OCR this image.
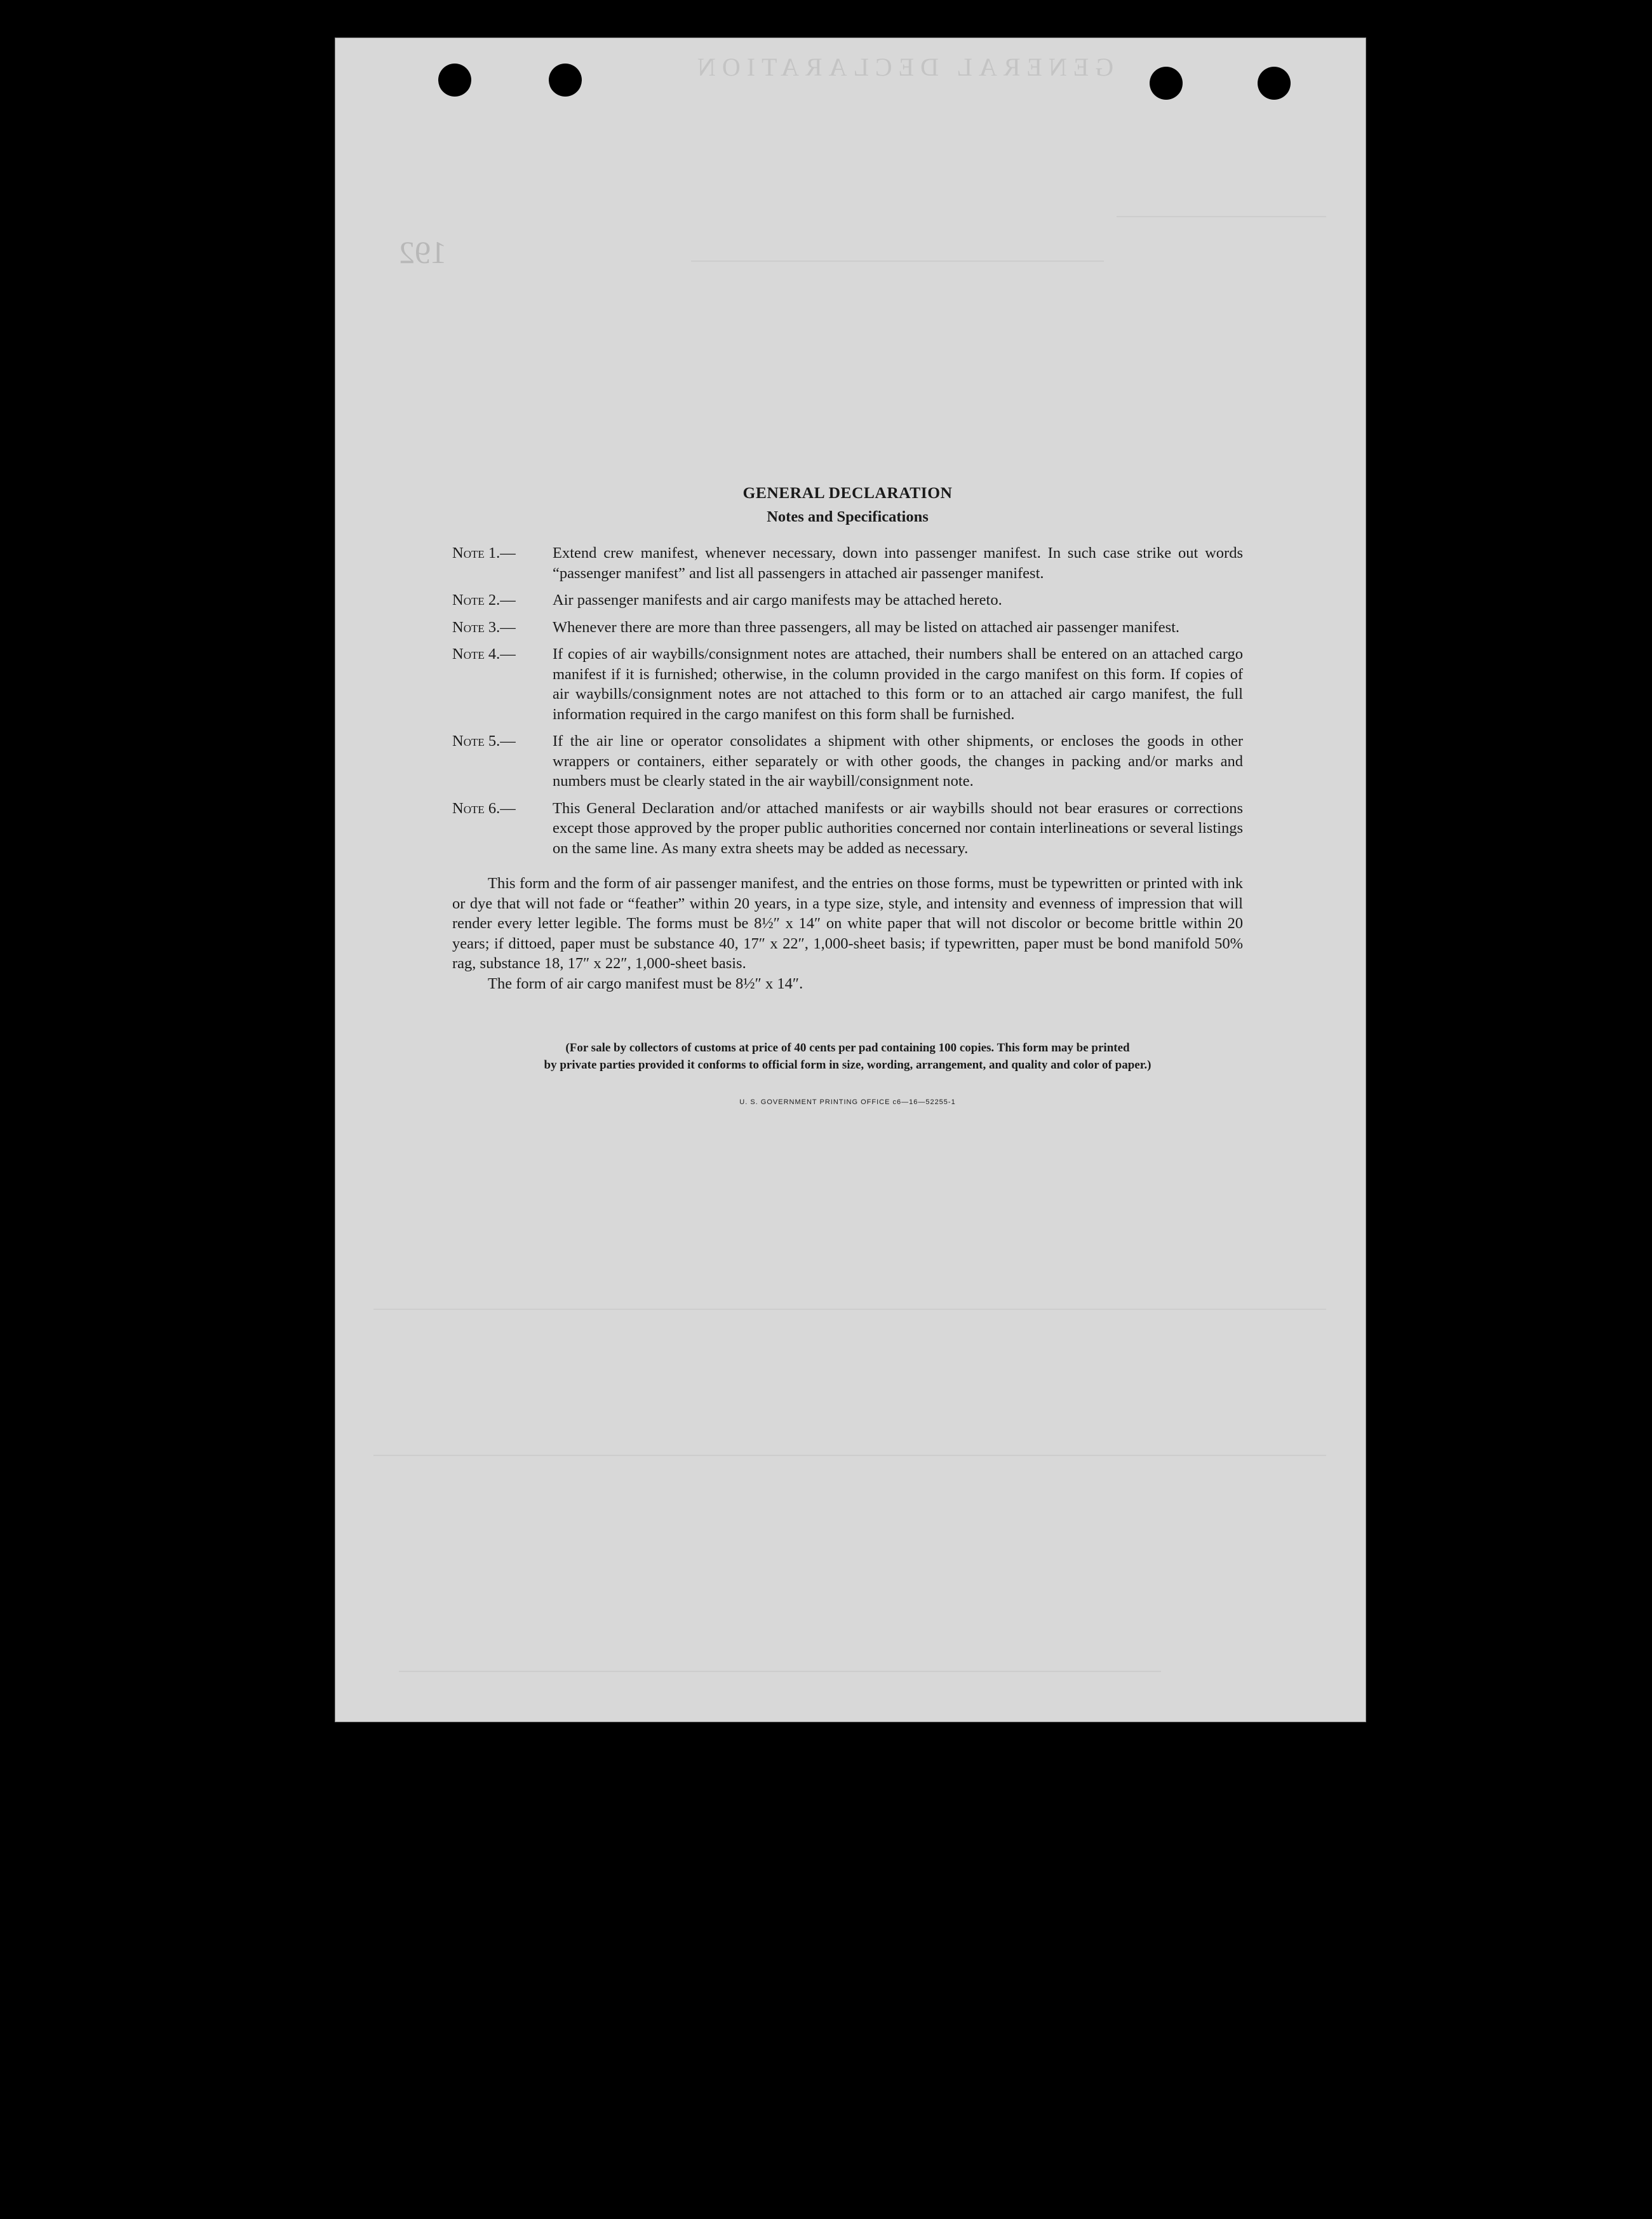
GENERAL DECLARATION
192

GENERAL DECLARATION

Notes and Specifications

Note 1.— Extend crew manifest, whenever necessary, down into passenger manifest. In such case strike out words “passenger manifest” and list all passengers in attached air passenger manifest.
Note 2.— Air passenger manifests and air cargo manifests may be attached hereto.
Note 3.— Whenever there are more than three passengers, all may be listed on attached air passenger manifest.
Note 4.— If copies of air waybills/consignment notes are attached, their numbers shall be entered on an attached cargo manifest if it is furnished; otherwise, in the column provided in the cargo manifest on this form. If copies of air waybills/consignment notes are not attached to this form or to an attached air cargo manifest, the full information required in the cargo manifest on this form shall be furnished.
Note 5.— If the air line or operator consolidates a shipment with other shipments, or encloses the goods in other wrappers or containers, either separately or with other goods, the changes in packing and/or marks and numbers must be clearly stated in the air waybill/consignment note.
Note 6.— This General Declaration and/or attached manifests or air waybills should not bear erasures or corrections except those approved by the proper public authorities concerned nor contain interlineations or several listings on the same line. As many extra sheets may be added as necessary.

This form and the form of air passenger manifest, and the entries on those forms, must be typewritten or printed with ink or dye that will not fade or “feather” within 20 years, in a type size, style, and intensity and evenness of impression that will render every letter legible. The forms must be 8½″ x 14″ on white paper that will not discolor or become brittle within 20 years; if dittoed, paper must be substance 40, 17″ x 22″, 1,000-sheet basis; if typewritten, paper must be bond manifold 50% rag, substance 18, 17″ x 22″, 1,000-sheet basis.

The form of air cargo manifest must be 8½″ x 14″.

(For sale by collectors of customs at price of 40 cents per pad containing 100 copies. This form may be printed
by private parties provided it conforms to official form in size, wording, arrangement, and quality and color of paper.)
U. S. GOVERNMENT PRINTING OFFICE c6—16—52255-1
